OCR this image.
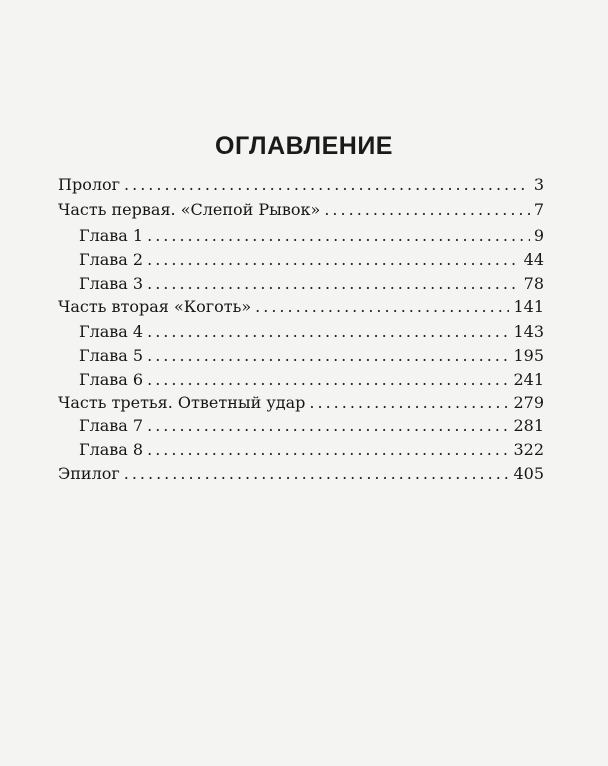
ОГЛАВЛЕНИЕ
Пролог .....	3
Часть первая. «Слепой Рывок» .....	7
Глава 1 .....	9
Глава 2 .....	44
Глава 3 .....	78
Часть вторая «Коготь» .....	141
Глава 4 .....	143
Глава 5 .....	195
Глава 6 .....	241
Часть третья. Ответный удар .....	279
Глава 7 .....	281
Глава 8 .....	322
Эпилог .....	405
